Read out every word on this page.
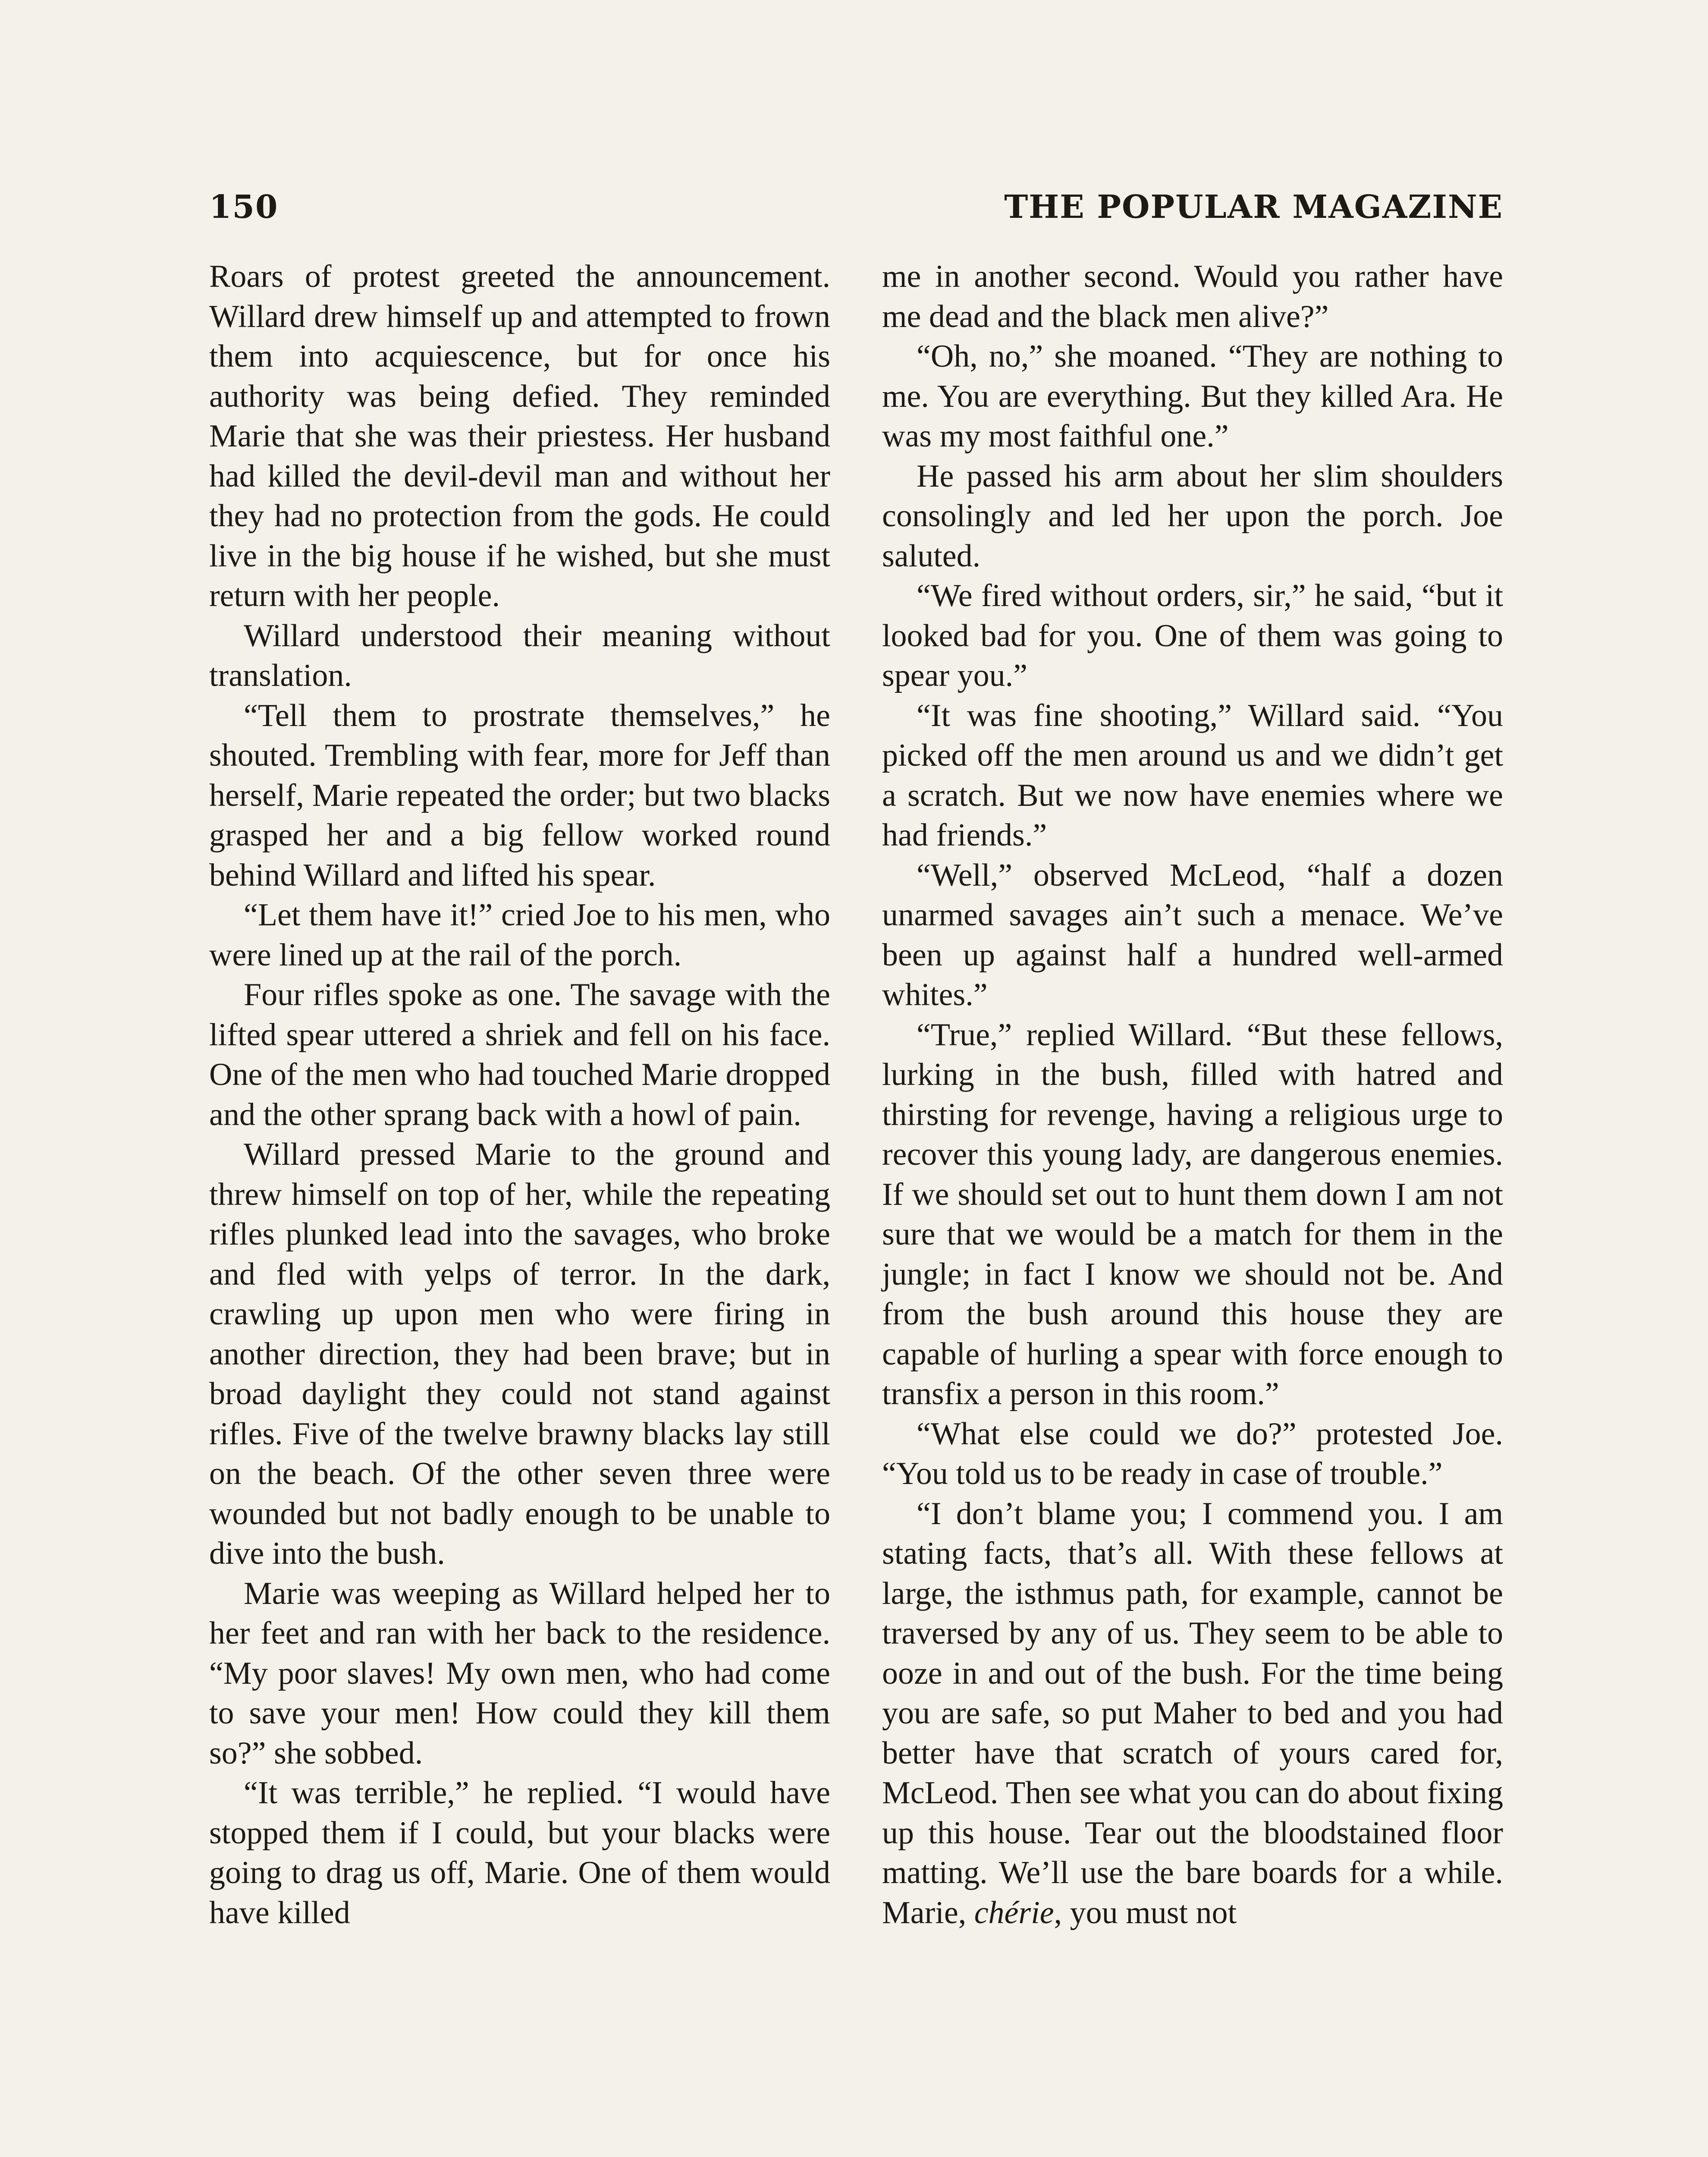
150	THE POPULAR MAGAZINE

Roars of protest greeted the announcement. Willard drew himself up and attempted to frown them into acquiescence, but for once his authority was being defied. They reminded Marie that she was their priestess. Her husband had killed the devil-devil man and without her they had no protection from the gods. He could live in the big house if he wished, but she must return with her people.

Willard understood their meaning without translation.

“Tell them to prostrate themselves,” he shouted. Trembling with fear, more for Jeff than herself, Marie repeated the order; but two blacks grasped her and a big fellow worked round behind Willard and lifted his spear.

“Let them have it!” cried Joe to his men, who were lined up at the rail of the porch.

Four rifles spoke as one. The savage with the lifted spear uttered a shriek and fell on his face. One of the men who had touched Marie dropped and the other sprang back with a howl of pain.

Willard pressed Marie to the ground and threw himself on top of her, while the repeating rifles plunked lead into the savages, who broke and fled with yelps of terror. In the dark, crawling up upon men who were firing in another direction, they had been brave; but in broad daylight they could not stand against rifles. Five of the twelve brawny blacks lay still on the beach. Of the other seven three were wounded but not badly enough to be unable to dive into the bush.

Marie was weeping as Willard helped her to her feet and ran with her back to the residence. “My poor slaves! My own men, who had come to save your men! How could they kill them so?” she sobbed.

“It was terrible,” he replied. “I would have stopped them if I could, but your blacks were going to drag us off, Marie. One of them would have killed

me in another second. Would you rather have me dead and the black men alive?”

“Oh, no,” she moaned. “They are nothing to me. You are everything. But they killed Ara. He was my most faithful one.”

He passed his arm about her slim shoulders consolingly and led her upon the porch. Joe saluted.

“We fired without orders, sir,” he said, “but it looked bad for you. One of them was going to spear you.”

“It was fine shooting,” Willard said. “You picked off the men around us and we didn’t get a scratch. But we now have enemies where we had friends.”

“Well,” observed McLeod, “half a dozen unarmed savages ain’t such a menace. We’ve been up against half a hundred well-armed whites.”

“True,” replied Willard. “But these fellows, lurking in the bush, filled with hatred and thirsting for revenge, having a religious urge to recover this young lady, are dangerous enemies. If we should set out to hunt them down I am not sure that we would be a match for them in the jungle; in fact I know we should not be. And from the bush around this house they are capable of hurling a spear with force enough to transfix a person in this room.”

“What else could we do?” protested Joe. “You told us to be ready in case of trouble.”

“I don’t blame you; I commend you. I am stating facts, that’s all. With these fellows at large, the isthmus path, for example, cannot be traversed by any of us. They seem to be able to ooze in and out of the bush. For the time being you are safe, so put Maher to bed and you had better have that scratch of yours cared for, McLeod. Then see what you can do about fixing up this house. Tear out the bloodstained floor matting. We’ll use the bare boards for a while. Marie, chérie, you must not
